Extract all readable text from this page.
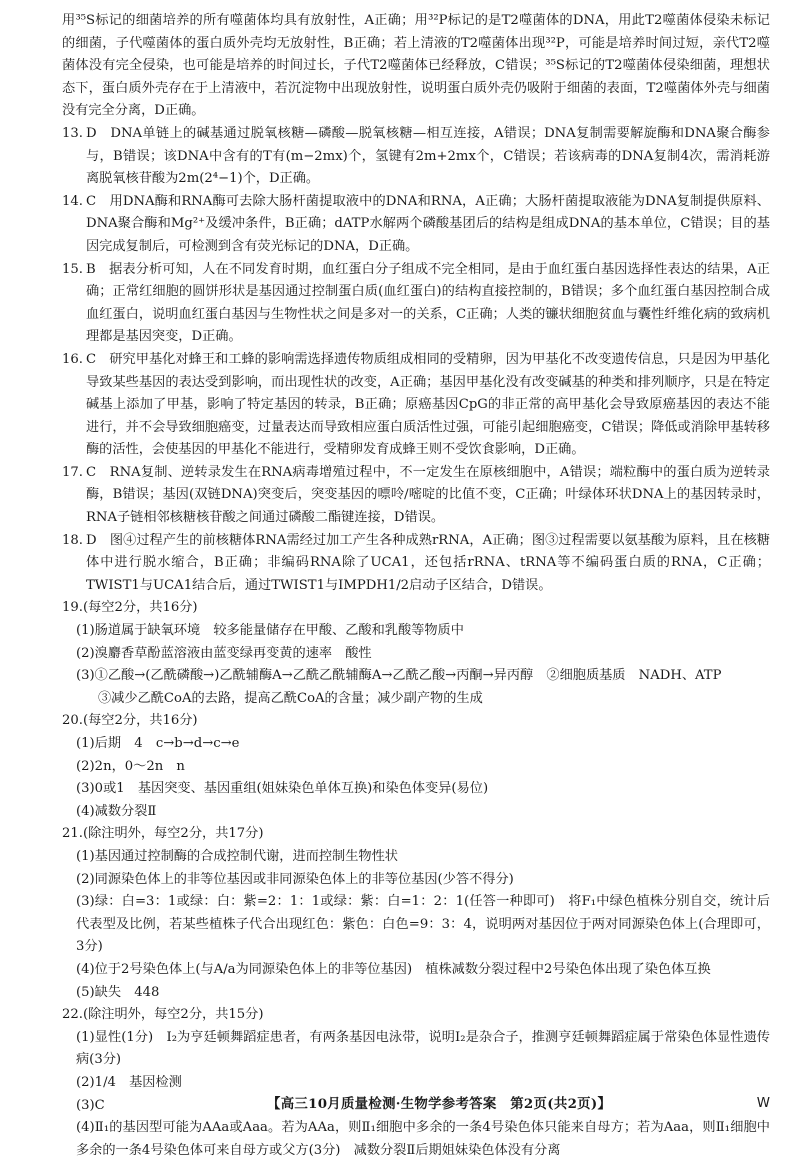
用³⁵S标记的细菌培养的所有噬菌体均具有放射性，A正确；用³²P标记的是T2噬菌体的DNA，用此T2噬菌体侵染未标记的细菌，子代噬菌体的蛋白质外壳均无放射性，B正确；若上清液的T2噬菌体出现³²P，可能是培养时间过短，亲代T2噬菌体没有完全侵染，也可能是培养的时间过长，子代T2噬菌体已经释放，C错误；³⁵S标记的T2噬菌体侵染细菌，理想状态下，蛋白质外壳存在于上清液中，若沉淀物中出现放射性，说明蛋白质外壳仍吸附于细菌的表面，T2噬菌体外壳与细菌没有完全分离，D正确。

13. D　DNA单链上的碱基通过脱氧核糖—磷酸—脱氧核糖—相互连接，A错误；DNA复制需要解旋酶和DNA聚合酶参与，B错误；该DNA中含有的T有(m−2mx)个，氢键有2m+2mx个，C错误；若该病毒的DNA复制4次，需消耗游离脱氧核苷酸为2m(2⁴−1)个，D正确。
14. C　用DNA酶和RNA酶可去除大肠杆菌提取液中的DNA和RNA，A正确；大肠杆菌提取液能为DNA复制提供原料、DNA聚合酶和Mg²⁺及缓冲条件，B正确；dATP水解两个磷酸基团后的结构是组成DNA的基本单位，C错误；目的基因完成复制后，可检测到含有荧光标记的DNA，D正确。
15. B　据表分析可知，人在不同发育时期，血红蛋白分子组成不完全相同，是由于血红蛋白基因选择性表达的结果，A正确；正常红细胞的圆饼形状是基因通过控制蛋白质(血红蛋白)的结构直接控制的，B错误；多个血红蛋白基因控制合成血红蛋白，说明血红蛋白基因与生物性状之间是多对一的关系，C正确；人类的镰状细胞贫血与囊性纤维化病的致病机理都是基因突变，D正确。
16. C　研究甲基化对蜂王和工蜂的影响需选择遗传物质组成相同的受精卵，因为甲基化不改变遗传信息，只是因为甲基化导致某些基因的表达受到影响，而出现性状的改变，A正确；基因甲基化没有改变碱基的种类和排列顺序，只是在特定碱基上添加了甲基，影响了特定基因的转录，B正确；原癌基因CpG的非正常的高甲基化会导致原癌基因的表达不能进行，并不会导致细胞癌变，过量表达而导致相应蛋白质活性过强，可能引起细胞癌变，C错误；降低或消除甲基转移酶的活性，会使基因的甲基化不能进行，受精卵发育成蜂王则不受饮食影响，D正确。
17. C　RNA复制、逆转录发生在RNA病毒增殖过程中，不一定发生在原核细胞中，A错误；端粒酶中的蛋白质为逆转录酶，B错误；基因(双链DNA)突变后，突变基因的嘌呤/嘧啶的比值不变，C正确；叶绿体环状DNA上的基因转录时，RNA子链相邻核糖核苷酸之间通过磷酸二酯键连接，D错误。
18. D　图④过程产生的前核糖体RNA需经过加工产生各种成熟rRNA，A正确；图③过程需要以氨基酸为原料，且在核糖体中进行脱水缩合，B正确；非编码RNA除了UCA1，还包括rRNA、tRNA等不编码蛋白质的RNA，C正确；TWIST1与UCA1结合后，通过TWIST1与IMPDH1/2启动子区结合，D错误。

19.(每空2分，共16分)

(1)肠道属于缺氧环境　较多能量储存在甲酸、乙酸和乳酸等物质中

(2)溴麝香草酚蓝溶液由蓝变绿再变黄的速率　酸性

(3)①乙酸→(乙酰磷酸→)乙酰辅酶A→乙酰乙酰辅酶A→乙酰乙酸→丙酮→异丙醇　②细胞质基质　NADH、ATP

③减少乙酰CoA的去路，提高乙酰CoA的含量；减少副产物的生成

20.(每空2分，共16分)

(1)后期　4　c→b→d→c→e

(2)2n，0～2n　n

(3)0或1　基因突变、基因重组(姐妹染色单体互换)和染色体变异(易位)

(4)减数分裂Ⅱ

21.(除注明外，每空2分，共17分)

(1)基因通过控制酶的合成控制代谢，进而控制生物性状

(2)同源染色体上的非等位基因或非同源染色体上的非等位基因(少答不得分)

(3)绿：白=3：1或绿：白：紫=2：1：1或绿：紫：白=1：2：1(任答一种即可)　将F₁中绿色植株分别自交，统计后代表型及比例，若某些植株子代合出现红色：紫色：白色=9：3：4，说明两对基因位于两对同源染色体上(合理即可，3分)

(4)位于2号染色体上(与A/a为同源染色体上的非等位基因)　植株减数分裂过程中2号染色体出现了染色体互换

(5)缺失　448

22.(除注明外，每空2分，共15分)

(1)显性(1分)　Ⅰ₂为亨廷顿舞蹈症患者，有两条基因电泳带，说明Ⅰ₂是杂合子，推测亨廷顿舞蹈症属于常染色体显性遗传病(3分)

(2)1/4　基因检测

(3)C

(4)Ⅱ₁的基因型可能为AAa或Aaa。若为AAa，则Ⅱ₁细胞中多余的一条4号染色体只能来自母方；若为Aaa，则Ⅱ₁细胞中多余的一条4号染色体可来自母方或父方(3分)　减数分裂Ⅱ后期姐妹染色体没有分离

【高三10月质量检测·生物学参考答案　第2页(共2页)】	W
